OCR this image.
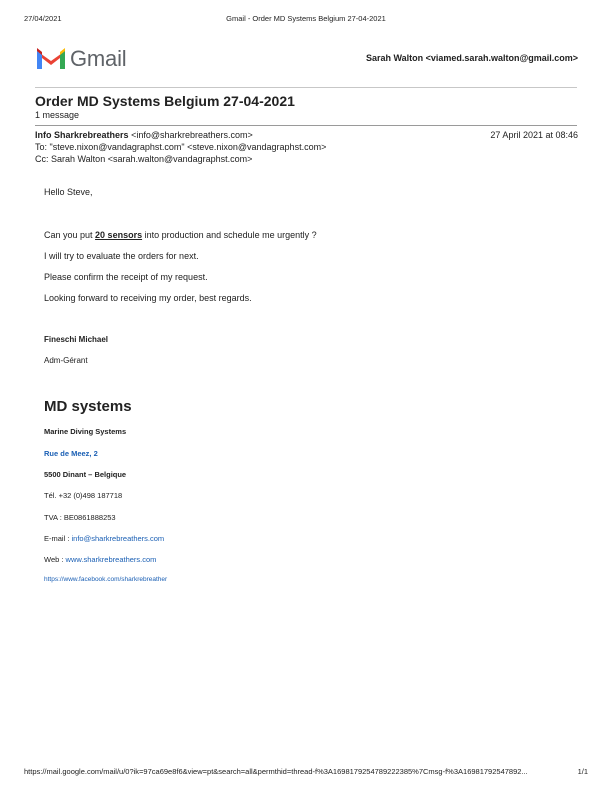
27/04/2021	Gmail - Order MD Systems Belgium 27-04-2021
Gmail	Sarah Walton <viamed.sarah.walton@gmail.com>
Order MD Systems Belgium 27-04-2021
1 message
Info Sharkrebreathers <info@sharkrebreathers.com>	27 April 2021 at 08:46
To: "steve.nixon@vandagraphst.com" <steve.nixon@vandagraphst.com>
Cc: Sarah Walton <sarah.walton@vandagraphst.com>
Hello Steve,
Can you put 20 sensors into production and schedule me urgently ?
I will try to evaluate the orders for next.
Please confirm the receipt of my request.
Looking forward to receiving my order, best regards.
Fineschi Michael
Adm-Gérant
MD systems
Marine Diving Systems
Rue de Meez, 2
5500 Dinant – Belgique
Tél. +32 (0)498 187718
TVA : BE0861888253
E-mail : info@sharkrebreathers.com
Web : www.sharkrebreathers.com
https://www.facebook.com/sharkrebreather
https://mail.google.com/mail/u/0?ik=97ca69e8f6&view=pt&search=all&permthid=thread-f%3A1698179254789222385%7Cmsg-f%3A16981792547892...	1/1
